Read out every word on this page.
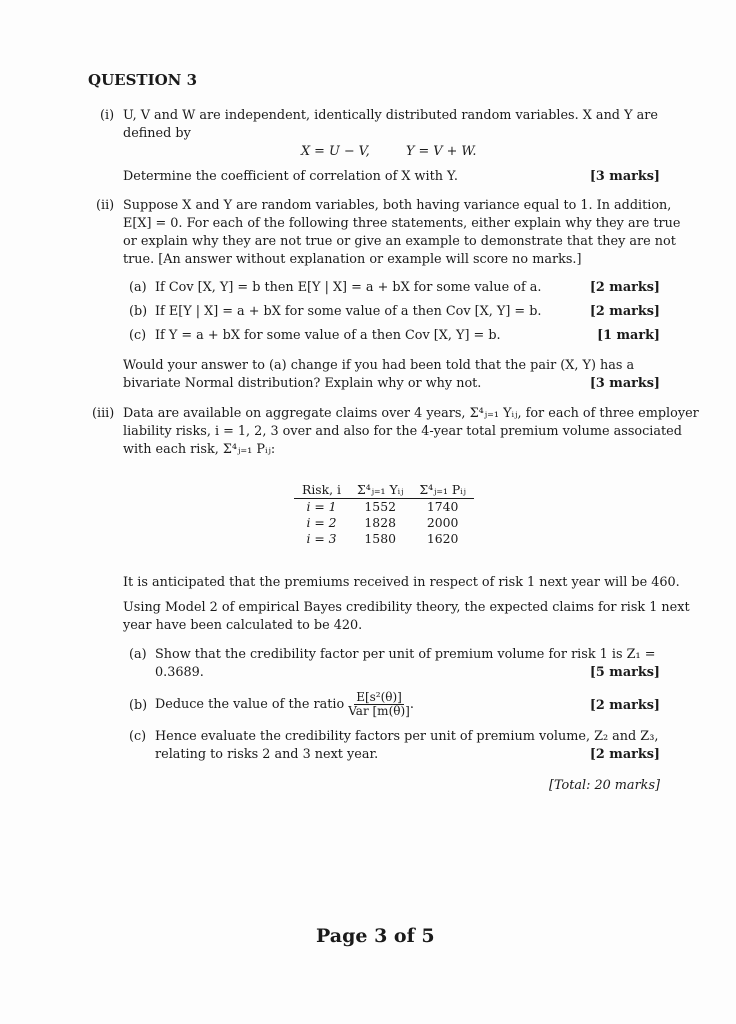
QUESTION 3
(i) U, V and W are independent, identically distributed random variables. X and Y are
defined by
X = U − V,	Y = V + W.
Determine the coefficient of correlation of X with Y.	[3 marks]
(ii) Suppose X and Y are random variables, both having variance equal to 1. In addition,
E[X] = 0. For each of the following three statements, either explain why they are true
or explain why they are not true or give an example to demonstrate that they are not
true. [An answer without explanation or example will score no marks.]
(a) If Cov [X, Y] = b then E[Y | X] = a + bX for some value of a.	[2 marks]
(b) If E[Y | X] = a + bX for some value of a then Cov [X, Y] = b.	[2 marks]
(c) If Y = a + bX for some value of a then Cov [X, Y] = b.	[1 mark]
Would your answer to (a) change if you had been told that the pair (X, Y) has a
bivariate Normal distribution? Explain why or why not.	[3 marks]
(iii) Data are available on aggregate claims over 4 years, Σ⁴ⱼ₌₁ Yᵢⱼ, for each of three employer
liability risks, i = 1, 2, 3 over and also for the 4-year total premium volume associated
with each risk, Σ⁴ⱼ₌₁ Pᵢⱼ:
Risk, i	Σ⁴ⱼ₌₁ Yᵢⱼ	Σ⁴ⱼ₌₁ Pᵢⱼ
i = 1	1552	1740
i = 2	1828	2000
i = 3	1580	1620
It is anticipated that the premiums received in respect of risk 1 next year will be 460.
Using Model 2 of empirical Bayes credibility theory, the expected claims for risk 1 next
year have been calculated to be 420.
(a) Show that the credibility factor per unit of premium volume for risk 1 is Z₁ =
0.3689.	[5 marks]
(b) Deduce the value of the ratio $\frac{\text{E[s²(θ)]}}{\text{Var [m(θ)]}}$ .	[2 marks]
(c) Hence evaluate the credibility factors per unit of premium volume, Z₂ and Z₃,
relating to risks 2 and 3 next year.	[2 marks]
[Total: 20 marks]
Page 3 of 5
